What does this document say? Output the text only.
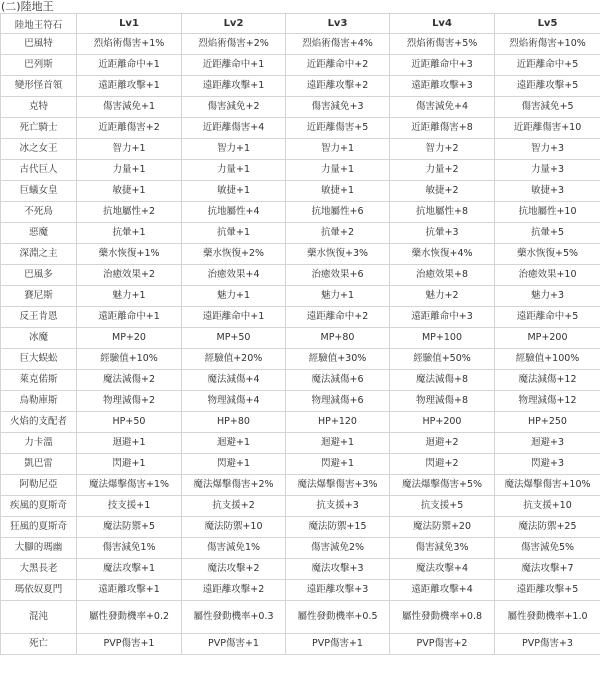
(二)陸地王
陸地王符石	Lv1	Lv2	Lv3	Lv4	Lv5
巴風特	烈焰術傷害+1%	烈焰術傷害+2%	烈焰術傷害+4%	烈焰術傷害+5%	烈焰術傷害+10%
巴列斯	近距離命中+1	近距離命中+1	近距離命中+2	近距離命中+3	近距離命中+5
變形怪首領	遠距離攻擊+1	遠距離攻擊+1	遠距離攻擊+2	遠距離攻擊+3	遠距離攻擊+5
克特	傷害減免+1	傷害減免+2	傷害減免+3	傷害減免+4	傷害減免+5
死亡騎士	近距離傷害+2	近距離傷害+4	近距離傷害+5	近距離傷害+8	近距離傷害+10
冰之女王	智力+1	智力+1	智力+1	智力+2	智力+3
古代巨人	力量+1	力量+1	力量+1	力量+2	力量+3
巨蟻女皇	敏捷+1	敏捷+1	敏捷+1	敏捷+2	敏捷+3
不死鳥	抗地屬性+2	抗地屬性+4	抗地屬性+6	抗地屬性+8	抗地屬性+10
惡魔	抗暈+1	抗暈+1	抗暈+2	抗暈+3	抗暈+5
深淵之主	藥水恢復+1%	藥水恢復+2%	藥水恢復+3%	藥水恢復+4%	藥水恢復+5%
巴風多	治癒效果+2	治癒效果+4	治癒效果+6	治癒效果+8	治癒效果+10
賽尼斯	魅力+1	魅力+1	魅力+1	魅力+2	魅力+3
反王肯恩	遠距離命中+1	遠距離命中+1	遠距離命中+2	遠距離命中+3	遠距離命中+5
冰魔	MP+20	MP+50	MP+80	MP+100	MP+200
巨大蜈蚣	經驗值+10%	經驗值+20%	經驗值+30%	經驗值+50%	經驗值+100%
萊克偌斯	魔法減傷+2	魔法減傷+4	魔法減傷+6	魔法減傷+8	魔法減傷+12
烏勒庫斯	物理減傷+2	物理減傷+4	物理減傷+6	物理減傷+8	物理減傷+12
火焰的支配者	HP+50	HP+80	HP+120	HP+200	HP+250
力卡溫	迴避+1	迴避+1	迴避+1	迴避+2	迴避+3
凱巴雷	閃避+1	閃避+1	閃避+1	閃避+2	閃避+3
阿勒尼亞	魔法爆擊傷害+1%	魔法爆擊傷害+2%	魔法爆擊傷害+3%	魔法爆擊傷害+5%	魔法爆擊傷害+10%
疾風的夏斯奇	技支援+1	抗支援+2	抗支援+3	抗支援+5	抗支援+10
狂風的夏斯奇	魔法防禦+5	魔法防禦+10	魔法防禦+15	魔法防禦+20	魔法防禦+25
大腳的瑪幽	傷害減免1%	傷害減免1%	傷害減免2%	傷害減免3%	傷害減免5%
大黑長老	魔法攻擊+1	魔法攻擊+2	魔法攻擊+3	魔法攻擊+4	魔法攻擊+7
瑪依奴夏門	遠距離攻擊+1	遠距離攻擊+2	遠距離攻擊+3	遠距離攻擊+4	遠距離攻擊+5
混沌	屬性發動機率+0.2	屬性發動機率+0.3	屬性發動機率+0.5	屬性發動機率+0.8	屬性發動機率+1.0
死亡	PVP傷害+1	PVP傷害+1	PVP傷害+1	PVP傷害+2	PVP傷害+3
